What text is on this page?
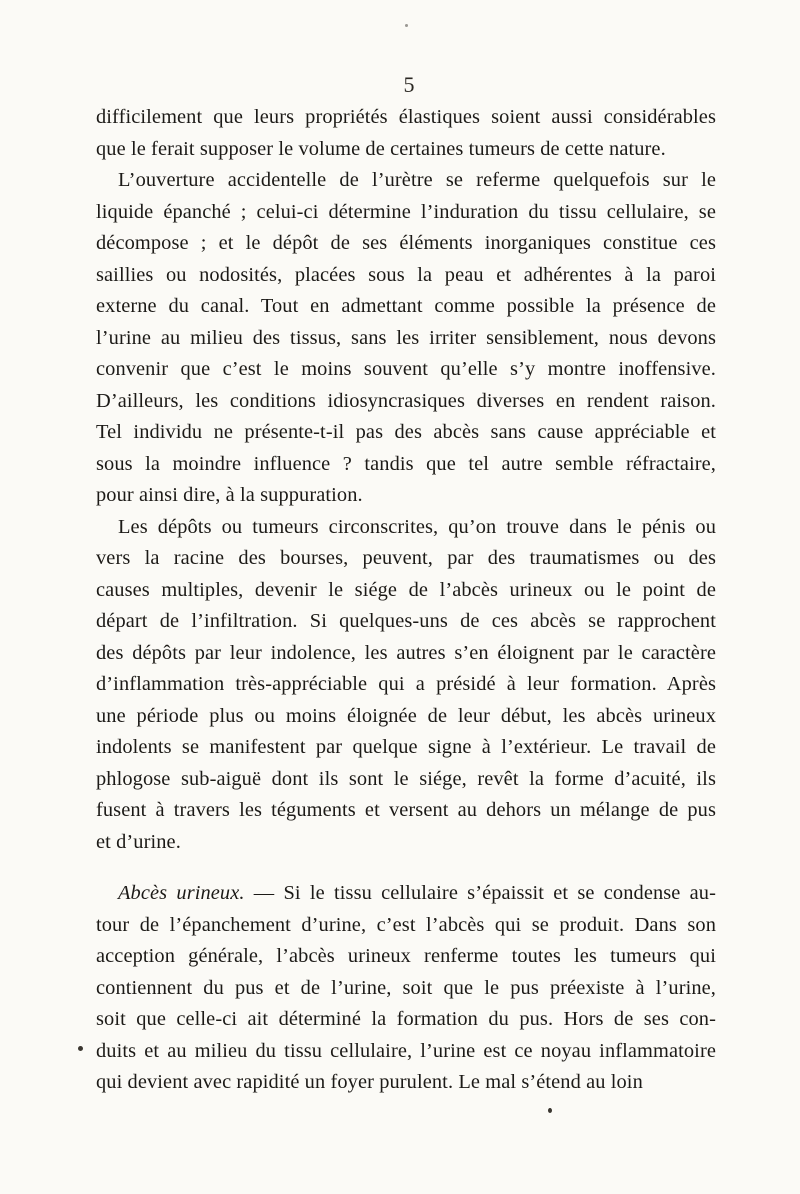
5

difficilement que leurs propriétés élastiques soient aussi considérables
que le ferait supposer le volume de certaines tumeurs de cette nature.

L’ouverture accidentelle de l’urètre se referme quelquefois sur le
liquide épanché ; celui-ci détermine l’induration du tissu cellulaire, se
décompose ; et le dépôt de ses éléments inorganiques constitue ces
saillies ou nodosités, placées sous la peau et adhérentes à la paroi
externe du canal. Tout en admettant comme possible la présence de
l’urine au milieu des tissus, sans les irriter sensiblement, nous devons
convenir que c’est le moins souvent qu’elle s’y montre inoffensive.
D’ailleurs, les conditions idiosyncrasiques diverses en rendent raison.
Tel individu ne présente-t-il pas des abcès sans cause appréciable et
sous la moindre influence ? tandis que tel autre semble réfractaire,
pour ainsi dire, à la suppuration.

Les dépôts ou tumeurs circonscrites, qu’on trouve dans le pénis ou
vers la racine des bourses, peuvent, par des traumatismes ou des
causes multiples, devenir le siége de l’abcès urineux ou le point de
départ de l’infiltration. Si quelques-uns de ces abcès se rapprochent
des dépôts par leur indolence, les autres s’en éloignent par le caractère
d’inflammation très-appréciable qui a présidé à leur formation. Après
une période plus ou moins éloignée de leur début, les abcès urineux
indolents se manifestent par quelque signe à l’extérieur. Le travail de
phlogose sub-aiguë dont ils sont le siége, revêt la forme d’acuité, ils
fusent à travers les téguments et versent au dehors un mélange de pus
et d’urine.

Abcès urineux. — Si le tissu cellulaire s’épaissit et se condense au-
tour de l’épanchement d’urine, c’est l’abcès qui se produit. Dans son
acception générale, l’abcès urineux renferme toutes les tumeurs qui
contiennent du pus et de l’urine, soit que le pus préexiste à l’urine,
soit que celle-ci ait déterminé la formation du pus. Hors de ses con-
duits et au milieu du tissu cellulaire, l’urine est ce noyau inflammatoire
qui devient avec rapidité un foyer purulent. Le mal s’étend au loin
